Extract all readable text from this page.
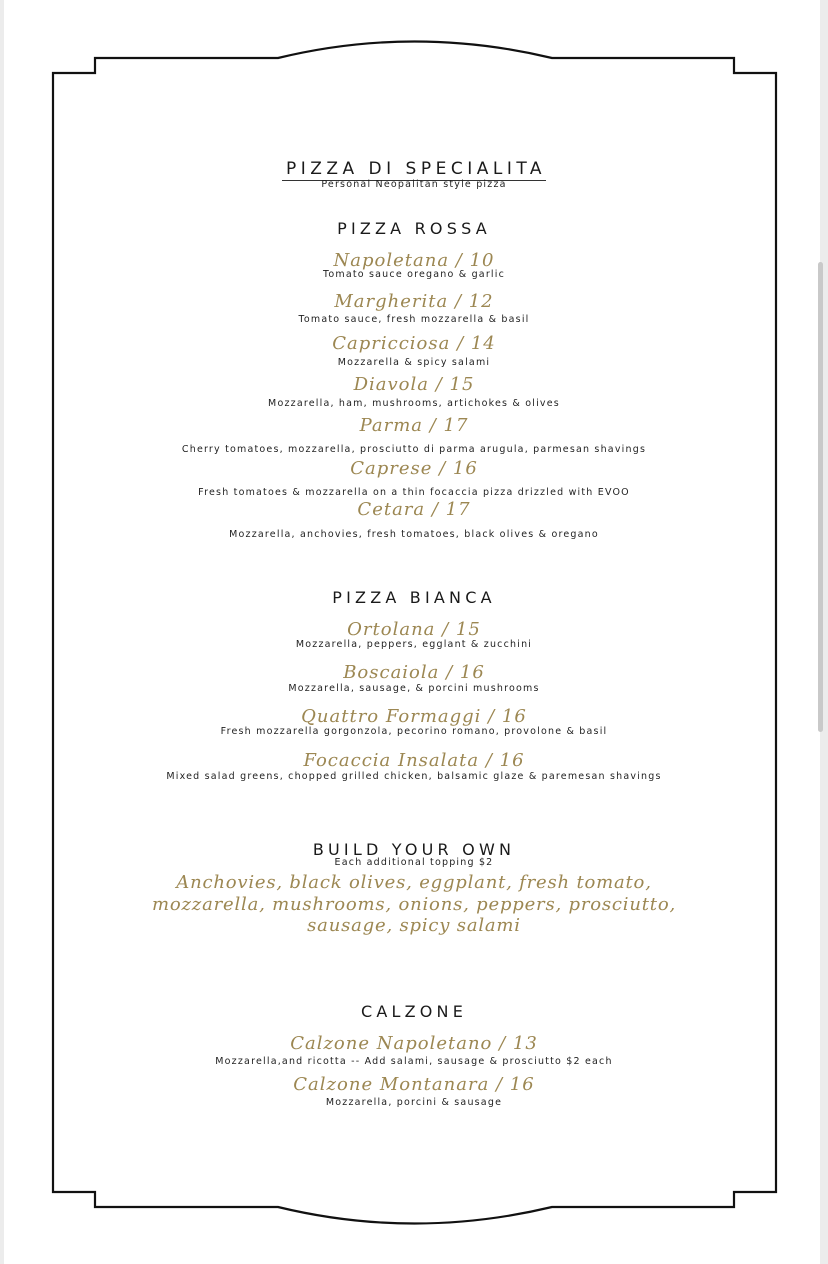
PIZZA DI SPECIALITA
Personal Neopalitan style pizza
PIZZA ROSSA
Napoletana / 10
Tomato sauce oregano & garlic
Margherita / 12
Tomato sauce, fresh mozzarella & basil
Capricciosa / 14
Mozzarella & spicy salami
Diavola / 15
Mozzarella, ham, mushrooms, artichokes & olives
Parma / 17
Cherry tomatoes, mozzarella, prosciutto di parma arugula, parmesan shavings
Caprese / 16
Fresh tomatoes & mozzarella on a thin focaccia pizza drizzled with EVOO
Cetara / 17
Mozzarella, anchovies, fresh tomatoes, black olives & oregano
PIZZA BIANCA
Ortolana / 15
Mozzarella, peppers, egglant & zucchini
Boscaiola / 16
Mozzarella, sausage, & porcini mushrooms
Quattro Formaggi / 16
Fresh mozzarella gorgonzola, pecorino romano, provolone & basil
Focaccia Insalata / 16
Mixed salad greens, chopped grilled chicken, balsamic glaze & paremesan shavings
BUILD YOUR OWN
Each additional topping $2
Anchovies, black olives, eggplant, fresh tomato,
mozzarella, mushrooms, onions, peppers, prosciutto,
sausage, spicy salami
CALZONE
Calzone Napoletano / 13
Mozzarella,and ricotta -- Add salami, sausage & prosciutto $2 each
Calzone Montanara / 16
Mozzarella, porcini & sausage
